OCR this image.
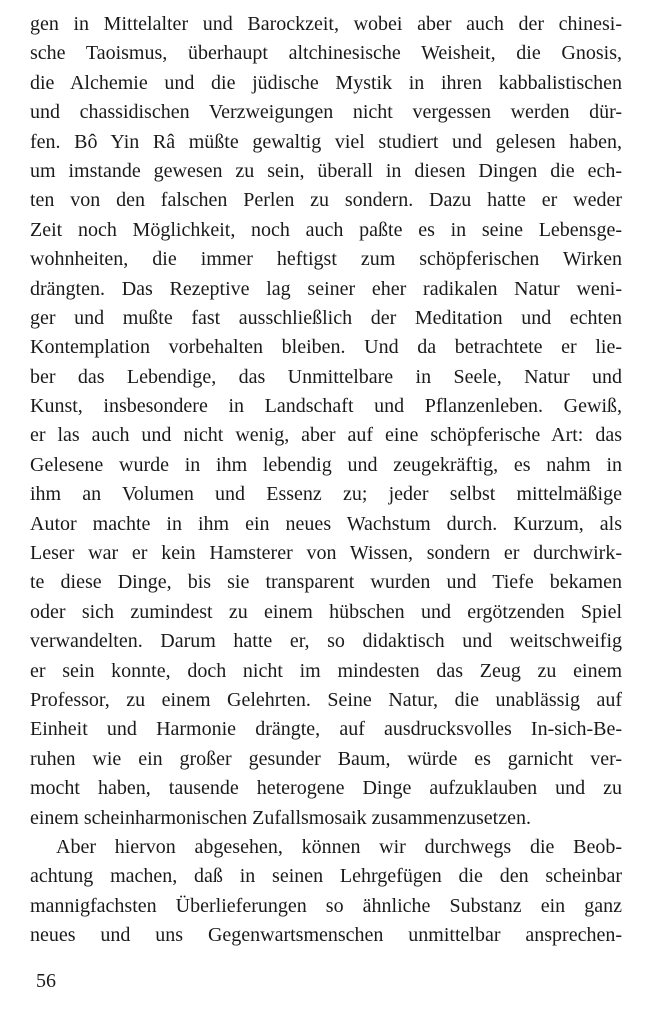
gen in Mittelalter und Barockzeit, wobei aber auch der chinesi-
sche Taoismus, überhaupt altchinesische Weisheit, die Gnosis,
die Alchemie und die jüdische Mystik in ihren kabbalistischen
und chassidischen Verzweigungen nicht vergessen werden dür-
fen. Bô Yin Râ müßte gewaltig viel studiert und gelesen haben,
um imstande gewesen zu sein, überall in diesen Dingen die ech-
ten von den falschen Perlen zu sondern. Dazu hatte er weder
Zeit noch Möglichkeit, noch auch paßte es in seine Lebensge-
wohnheiten, die immer heftigst zum schöpferischen Wirken
drängten. Das Rezeptive lag seiner eher radikalen Natur weni-
ger und mußte fast ausschließlich der Meditation und echten
Kontemplation vorbehalten bleiben. Und da betrachtete er lie-
ber das Lebendige, das Unmittelbare in Seele, Natur und
Kunst, insbesondere in Landschaft und Pflanzenleben. Gewiß,
er las auch und nicht wenig, aber auf eine schöpferische Art: das
Gelesene wurde in ihm lebendig und zeugekräftig, es nahm in
ihm an Volumen und Essenz zu; jeder selbst mittelmäßige
Autor machte in ihm ein neues Wachstum durch. Kurzum, als
Leser war er kein Hamsterer von Wissen, sondern er durchwirk-
te diese Dinge, bis sie transparent wurden und Tiefe bekamen
oder sich zumindest zu einem hübschen und ergötzenden Spiel
verwandelten. Darum hatte er, so didaktisch und weitschweifig
er sein konnte, doch nicht im mindesten das Zeug zu einem
Professor, zu einem Gelehrten. Seine Natur, die unablässig auf
Einheit und Harmonie drängte, auf ausdrucksvolles In-sich-Be-
ruhen wie ein großer gesunder Baum, würde es garnicht ver-
mocht haben, tausende heterogene Dinge aufzuklauben und zu
einem scheinharmonischen Zufallsmosaik zusammenzusetzen.
Aber hiervon abgesehen, können wir durchwegs die Beob-
achtung machen, daß in seinen Lehrgefügen die den scheinbar
mannigfachsten Überlieferungen so ähnliche Substanz ein ganz
neues und uns Gegenwartsmenschen unmittelbar ansprechen-
56
